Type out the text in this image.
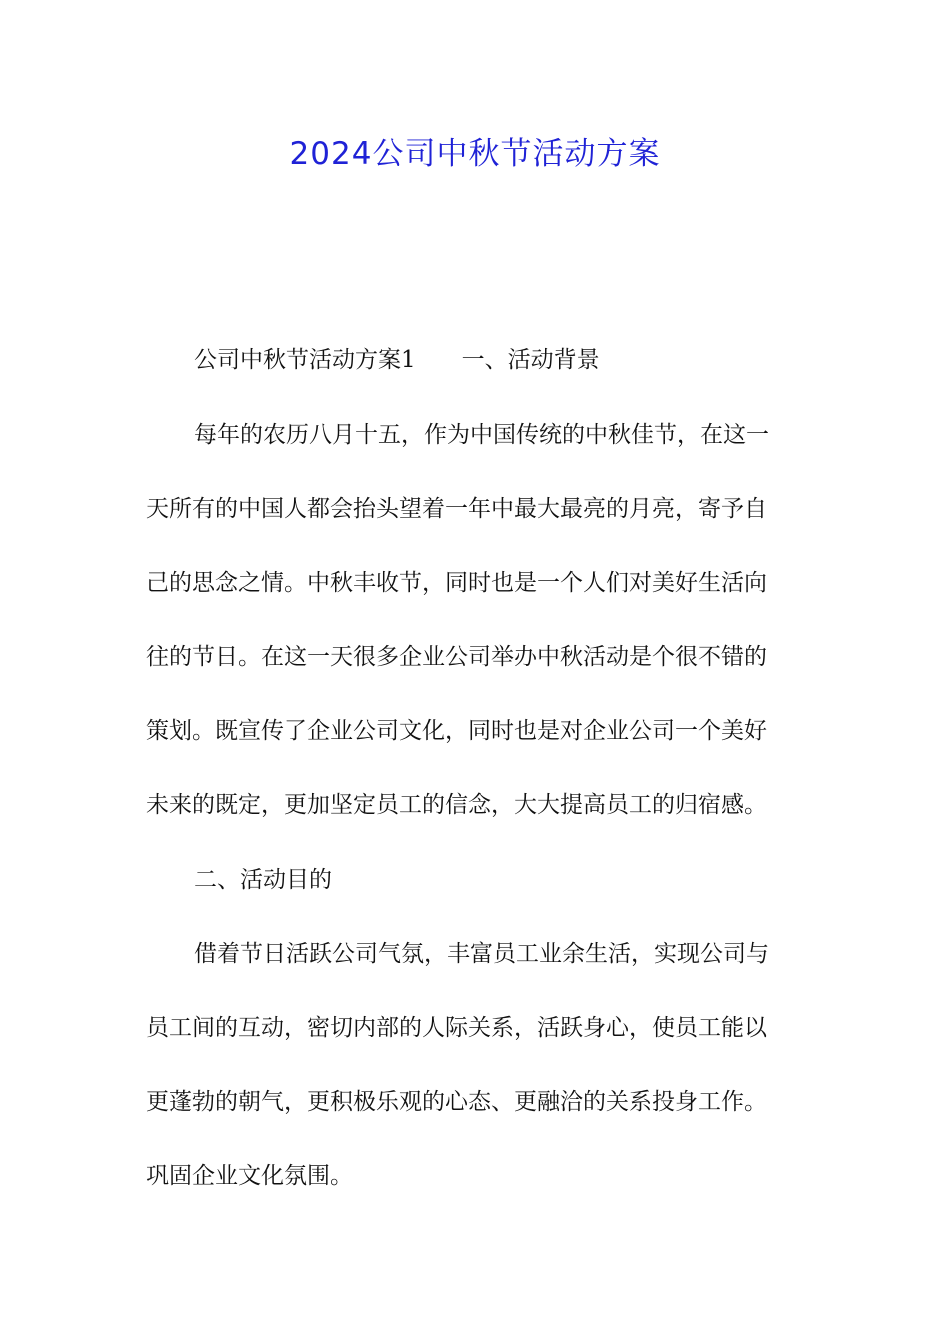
2024公司中秋节活动方案

公司中秋节活动方案1 一、活动背景

每年的农历八月十五，作为中国传统的中秋佳节，在这一

天所有的中国人都会抬头望着一年中最大最亮的月亮，寄予自

己的思念之情。中秋丰收节，同时也是一个人们对美好生活向

往的节日。在这一天很多企业公司举办中秋活动是个很不错的

策划。既宣传了企业公司文化，同时也是对企业公司一个美好

未来的既定，更加坚定员工的信念，大大提高员工的归宿感。

二、活动目的

借着节日活跃公司气氛，丰富员工业余生活，实现公司与

员工间的互动，密切内部的人际关系，活跃身心，使员工能以

更蓬勃的朝气，更积极乐观的心态、更融洽的关系投身工作。

巩固企业文化氛围。
